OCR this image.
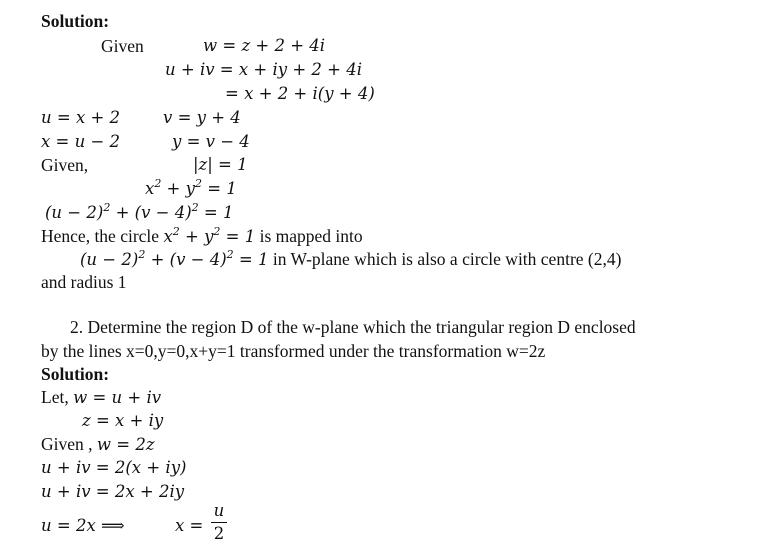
Solution:
Given	w = z + 2 + 4i
u + iv = x + iy + 2 + 4i
= x + 2 + i(y + 4)
u = x + 2	v = y + 4
x = u − 2	y = v − 4
Given,	|z| = 1
$x^2 + y^2 = 1$
$(u - 2)^2 + (v - 4)^2 = 1$
Hence, the circle $x^2 + y^2 = 1$ is mapped into
$(u - 2)^2 + (v - 4)^2 = 1$ in W-plane which is also a circle with centre (2,4)
and radius 1
2. Determine the region D of the w-plane which the triangular region D enclosed
by the lines x=0,y=0,x+y=1 transformed under the transformation w=2z
Solution:
Let, w = u + iv
z = x + iy
Given , w = 2z
u + iv = 2(x + iy)
u + iv = 2x + 2iy
u = 2x ⟹	x =
u
2
